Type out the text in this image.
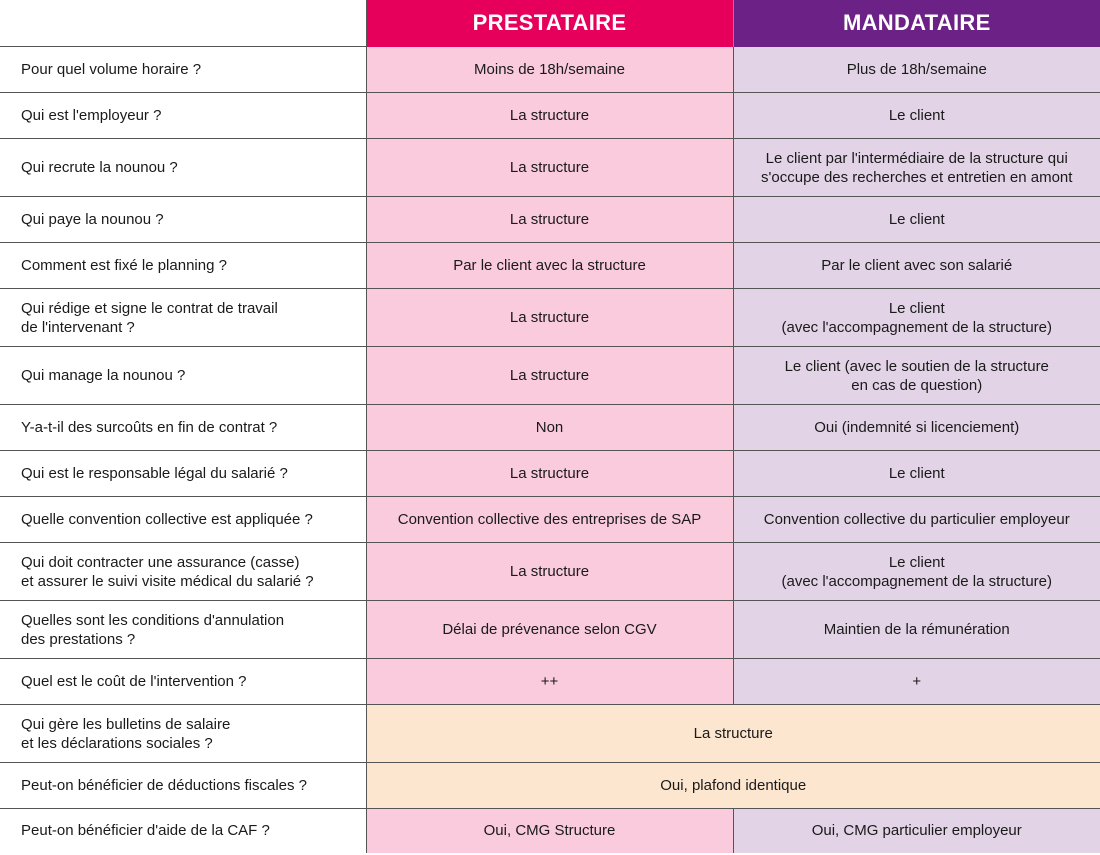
	PRESTATAIRE	MANDATAIRE
Pour quel volume horaire ?	Moins de 18h/semaine	Plus de 18h/semaine
Qui est l'employeur ?	La structure	Le client
Qui recrute la nounou ?	La structure	Le client par l'intermédiaire de la structure qui
s'occupe des recherches et entretien en amont
Qui paye la nounou ?	La structure	Le client
Comment est fixé le planning ?	Par le client avec la structure	Par le client avec son salarié
Qui rédige et signe le contrat de travail
de l'intervenant ?	La structure	Le client
(avec l'accompagnement de la structure)
Qui manage la nounou ?	La structure	Le client (avec le soutien de la structure
en cas de question)
Y-a-t-il des surcoûts en fin de contrat ?	Non	Oui (indemnité si licenciement)
Qui est le responsable légal du salarié ?	La structure	Le client
Quelle convention collective est appliquée ?	Convention collective des entreprises de SAP	Convention collective du particulier employeur
Qui doit contracter une assurance (casse)
et assurer le suivi visite médical du salarié ?	La structure	Le client
(avec l'accompagnement de la structure)
Quelles sont les conditions d'annulation
des prestations ?	Délai de prévenance selon CGV	Maintien de la rémunération
Quel est le coût de l'intervention ?	++	+
Qui gère les bulletins de salaire
et les déclarations sociales ?	La structure	
Peut-on bénéficier de déductions fiscales ?	Oui, plafond identique	
Peut-on bénéficier d'aide de la CAF ?	Oui, CMG Structure	Oui, CMG particulier employeur
